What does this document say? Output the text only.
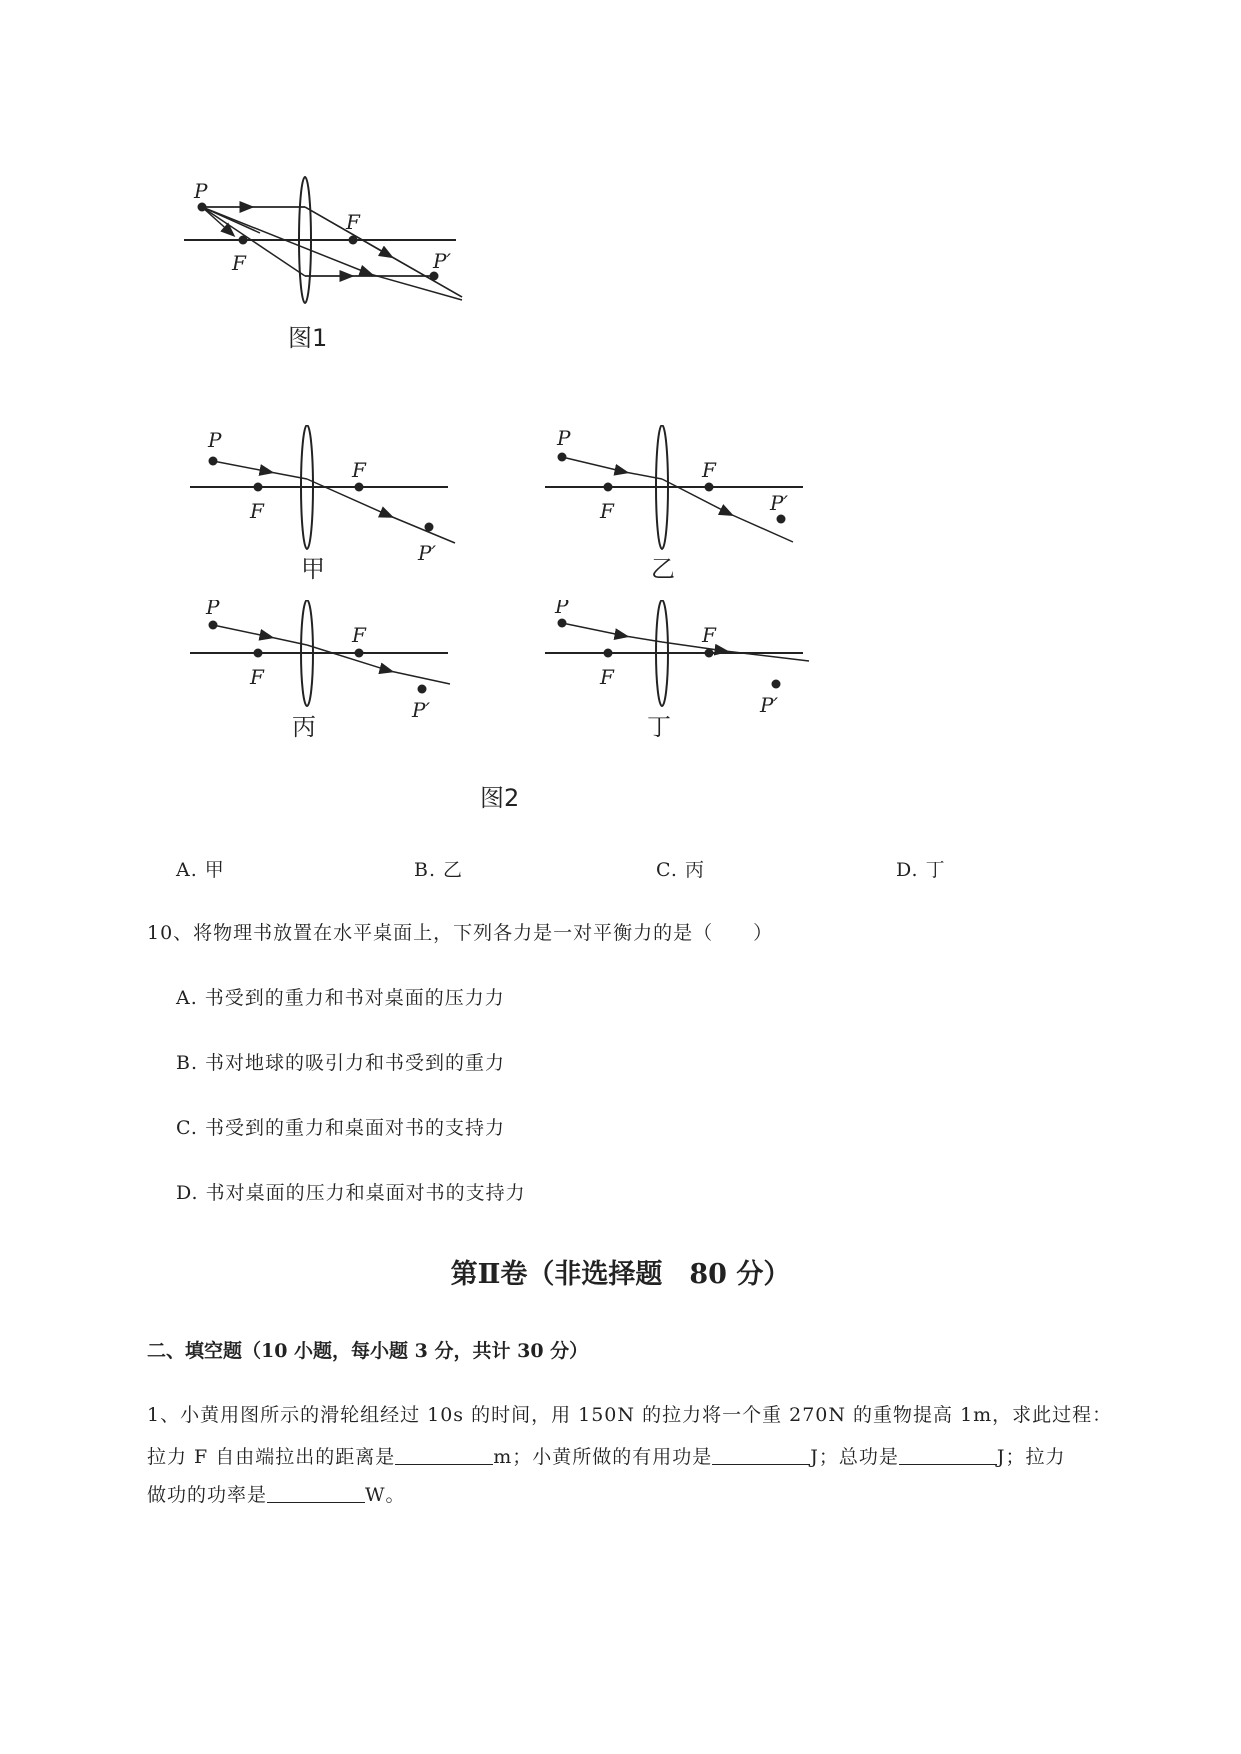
P
F
F
P′
图1
P
F
F
P′
甲
P
F
F
P′
乙
P
F
F
P′
丙
P
F
F
P′
丁
图2
A. 甲	B. 乙	C. 丙	D. 丁
10、将物理书放置在水平桌面上，下列各力是一对平衡力的是（　　）
A. 书受到的重力和书对桌面的压力力
B. 书对地球的吸引力和书受到的重力
C. 书受到的重力和桌面对书的支持力
D. 书对桌面的压力和桌面对书的支持力
第Ⅱ卷（非选择题　80 分）
二、填空题（10 小题，每小题 3 分，共计 30 分）
1、小黄用图所示的滑轮组经过 10s 的时间，用 150N 的拉力将一个重 270N 的重物提高 1m，求此过程：
拉力 F 自由端拉出的距离是	m；小黄所做的有用功是	J；总功是	J；拉力
做功的功率是	W。
